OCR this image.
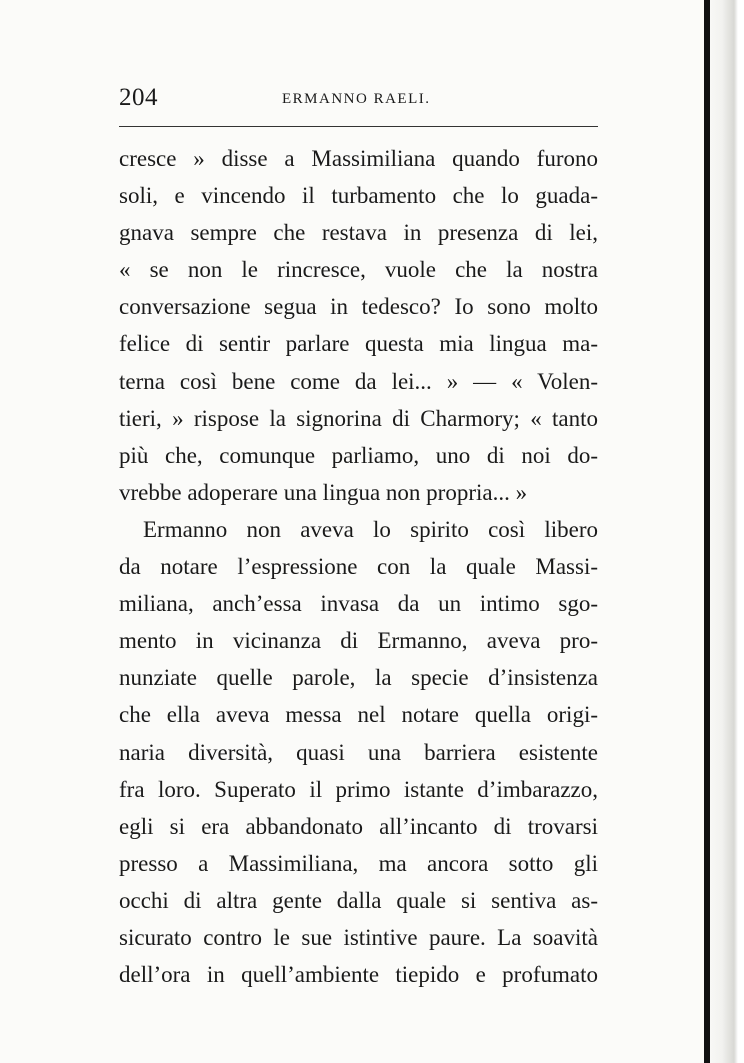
204	ERMANNO RAELI.
cresce » disse a Massimiliana quando furono
soli, e vincendo il turbamento che lo guada-
gnava sempre che restava in presenza di lei,
« se non le rincresce, vuole che la nostra
conversazione segua in tedesco? Io sono molto
felice di sentir parlare questa mia lingua ma-
terna così bene come da lei... » — « Volen-
tieri, » rispose la signorina di Charmory; « tanto
più che, comunque parliamo, uno di noi do-
vrebbe adoperare una lingua non propria... »
Ermanno non aveva lo spirito così libero
da notare l’espressione con la quale Massi-
miliana, anch’essa invasa da un intimo sgo-
mento in vicinanza di Ermanno, aveva pro-
nunziate quelle parole, la specie d’insistenza
che ella aveva messa nel notare quella origi-
naria diversità, quasi una barriera esistente
fra loro. Superato il primo istante d’imbarazzo,
egli si era abbandonato all’incanto di trovarsi
presso a Massimiliana, ma ancora sotto gli
occhi di altra gente dalla quale si sentiva as-
sicurato contro le sue istintive paure. La soavità
dell’ora in quell’ambiente tiepido e profumato
